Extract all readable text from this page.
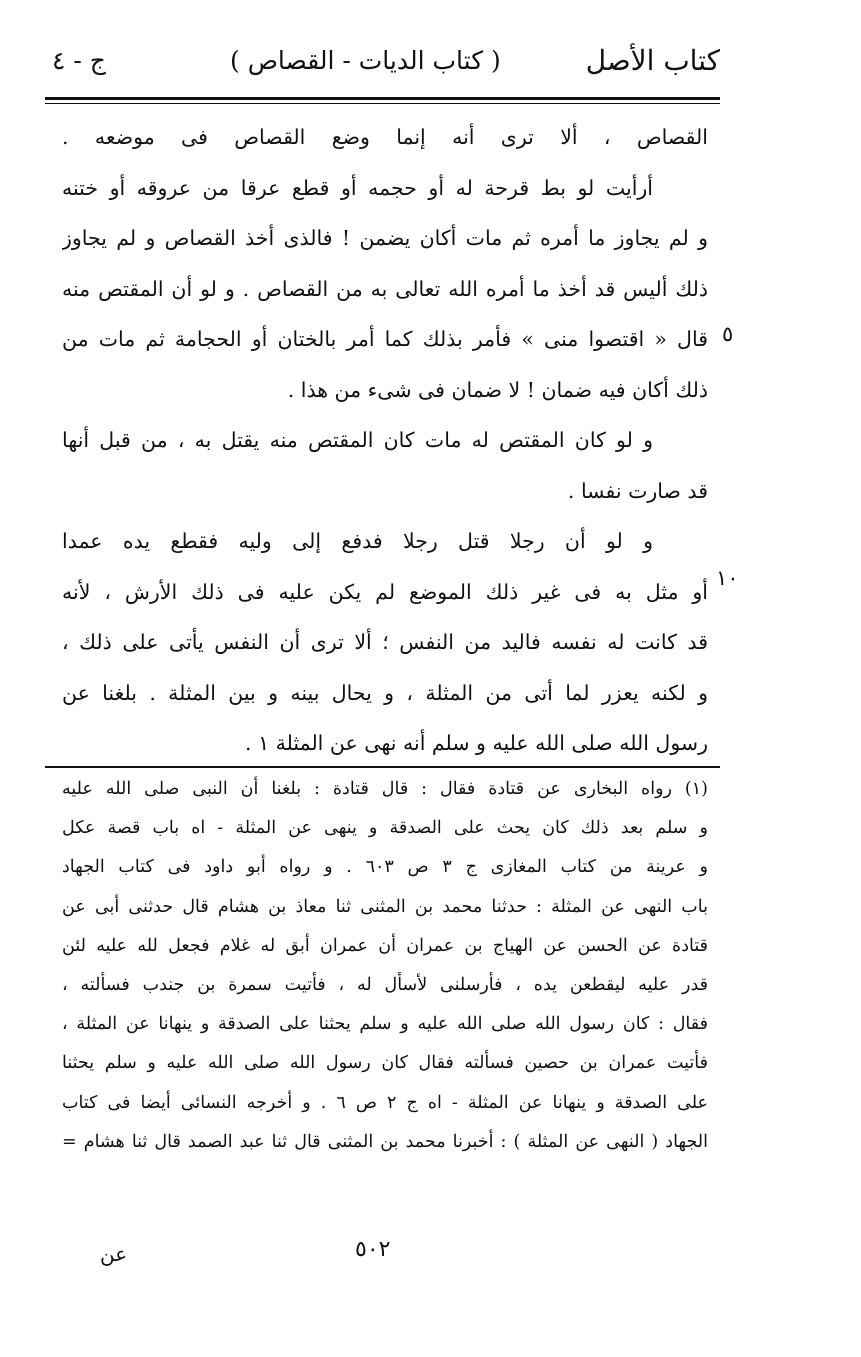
كتاب الأصل
( كتاب الديات - القصاص )
ج - ٤
القصاص ، ألا ترى أنه إنما وضع القصاص فى موضعه .
أرأيت لو بط قرحة له أو حجمه أو قطع عرقا من عروقه أو ختنه
و لم يجاوز ما أمره ثم مات أكان يضمن ! فالذى أخذ القصاص و لم يجاوز
ذلك أليس قد أخذ ما أمره الله تعالى به من القصاص . و لو أن المقتص منه
قال « اقتصوا منى » فأمر بذلك كما أمر بالختان أو الحجامة ثم مات من
ذلك أكان فيه ضمان ! لا ضمان فى شىء من هذا .
و لو كان المقتص له مات كان المقتص منه يقتل به ، من قبل أنها
قد صارت نفسا .
و لو أن رجلا قتل رجلا فدفع إلى وليه فقطع يده عمدا
أو مثل به فى غير ذلك الموضع لم يكن عليه فى ذلك الأرش ، لأنه
قد كانت له نفسه فاليد من النفس ؛ ألا ترى أن النفس يأتى على ذلك ،
و لكنه يعزر لما أتى من المثلة ، و يحال بينه و بين المثلة . بلغنا عن
رسول الله صلى الله عليه و سلم أنه نهى عن المثلة ١ .
٥
١٠
(١) رواه البخارى عن قتادة فقال : قال قتادة : بلغنا أن النبى صلى الله عليه
و سلم بعد ذلك كان يحث على الصدقة و ينهى عن المثلة - اه باب قصة عكل
و عرينة من كتاب المغازى ج ٣ ص ٦٠٣ . و رواه أبو داود فى كتاب الجهاد
باب النهى عن المثلة : حدثنا محمد بن المثنى ثنا معاذ بن هشام قال حدثنى أبى عن
قتادة عن الحسن عن الهياج بن عمران أن عمران أبق له غلام فجعل لله عليه لئن
قدر عليه ليقطعن يده ، فأرسلنى لأسأل له ، فأتيت سمرة بن جندب فسألته ،
فقال : كان رسول الله صلى الله عليه و سلم يحثنا على الصدقة و ينهانا عن المثلة ،
فأتيت عمران بن حصين فسألته فقال كان رسول الله صلى الله عليه و سلم يحثنا
على الصدقة و ينهانا عن المثلة - اه ج ٢ ص ٦ . و أخرجه النسائى أيضا فى كتاب
الجهاد ( النهى عن المثلة ) : أخبرنا محمد بن المثنى قال ثنا عبد الصمد قال ثنا هشام =
٥٠٢
عن
